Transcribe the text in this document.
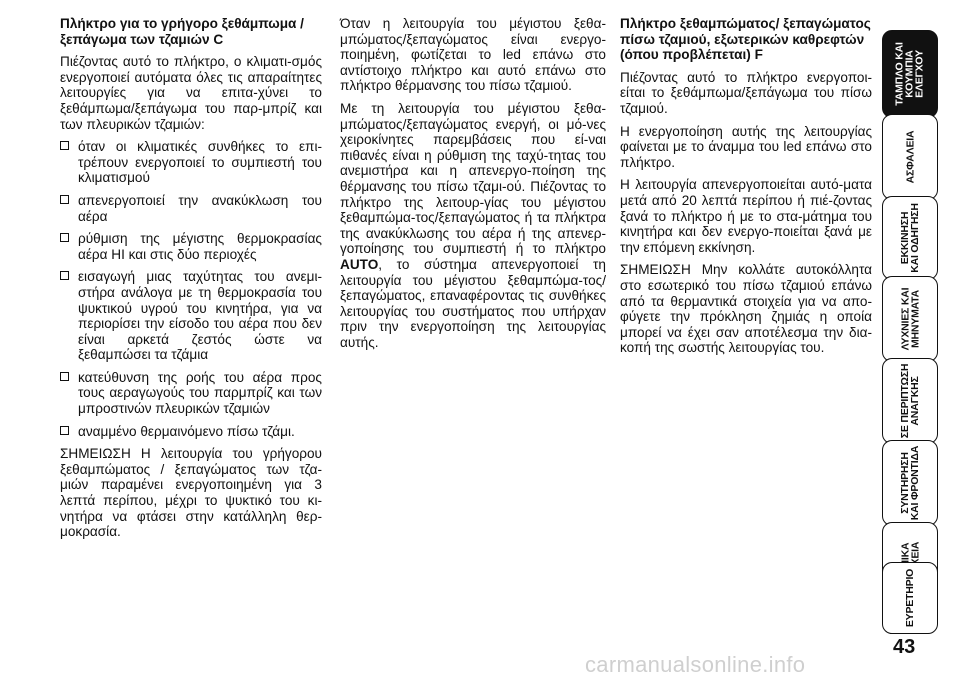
Πλήκτρο για το γρήγορο ξεθάμπωμα / ξεπάγωμα των τζαμιών C

Πιέζοντας αυτό το πλήκτρο, ο κλιματι-σμός ενεργοποιεί αυτόματα όλες τις απαραίτητες λειτουργίες για να επιτα-χύνει το ξεθάμπωμα/ξεπάγωμα του παρ-μπρίζ και των πλευρικών τζαμιών:

όταν οι κλιματικές συνθήκες το επι-τρέπουν ενεργοποιεί το συμπιεστή του κλιματισμού

απενεργοποιεί την ανακύκλωση του αέρα

ρύθμιση της μέγιστης θερμοκρασίας αέρα HI και στις δύο περιοχές

εισαγωγή μιας ταχύτητας του ανεμι-στήρα ανάλογα με τη θερμοκρασία του ψυκτικού υγρού του κινητήρα, για να περιορίσει την είσοδο του αέρα που δεν είναι αρκετά ζεστός ώστε να ξεθαμπώσει τα τζάμια

κατεύθυνση της ροής του αέρα προς τους αεραγωγούς του παρμπρίζ και των μπροστινών πλευρικών τζαμιών

αναμμένο θερμαινόμενο πίσω τζάμι.

ΣΗΜΕΙΩΣΗ Η λειτουργία του γρήγορου ξεθαμπώματος / ξεπαγώματος των τζα-μιών παραμένει ενεργοποιημένη για 3 λεπτά περίπου, μέχρι το ψυκτικό του κι-νητήρα να φτάσει στην κατάλληλη θερ-μοκρασία.

Όταν η λειτουργία του μέγιστου ξεθα-μπώματος/ξεπαγώματος είναι ενεργο-ποιημένη, φωτίζεται το led επάνω στο αντίστοιχο πλήκτρο και αυτό επάνω στο πλήκτρο θέρμανσης του πίσω τζαμιού.

Με τη λειτουργία του μέγιστου ξεθα-μπώματος/ξεπαγώματος ενεργή, οι μό-νες χειροκίνητες παρεμβάσεις που εί-ναι πιθανές είναι η ρύθμιση της ταχύ-τητας του ανεμιστήρα και η απενεργο-ποίηση της θέρμανσης του πίσω τζαμι-ού. Πιέζοντας το πλήκτρο της λειτουρ-γίας του μέγιστου ξεθαμπώμα-τος/ξεπαγώματος ή τα πλήκτρα της ανακύκλωσης του αέρα ή της απενερ-γοποίησης του συμπιεστή ή το πλήκτρο AUTO, το σύστημα απενεργοποιεί τη λειτουργία του μέγιστου ξεθαμπώμα-τος/ξεπαγώματος, επαναφέροντας τις συνθήκες λειτουργίας του συστήματος που υπήρχαν πριν την ενεργοποίηση της λειτουργίας αυτής.

Πλήκτρο ξεθαμπώματος/ ξεπαγώματος πίσω τζαμιού, εξωτερικών καθρεφτών (όπου προβλέπεται) F

Πιέζοντας αυτό το πλήκτρο ενεργοποι-είται το ξεθάμπωμα/ξεπάγωμα του πίσω τζαμιού.

Η ενεργοποίηση αυτής της λειτουργίας φαίνεται με το άναμμα του led επάνω στο πλήκτρο.

Η λειτουργία απενεργοποιείται αυτό-ματα μετά από 20 λεπτά περίπου ή πιέ-ζοντας ξανά το πλήκτρο ή με το στα-μάτημα του κινητήρα και δεν ενεργο-ποιείται ξανά με την επόμενη εκκίνηση.

ΣΗΜΕΙΩΣΗ Μην κολλάτε αυτοκόλλητα στο εσωτερικό του πίσω τζαμιού επάνω από τα θερμαντικά στοιχεία για να απο-φύγετε την πρόκληση ζημιάς η οποία μπορεί να έχει σαν αποτέλεσμα την δια-κοπή της σωστής λειτουργίας του.

ΤΑΜΠΛΟ ΚΑΙ
ΚΟΥΜΠΙΑ
ΕΛΕΓΧΟΥ
ΑΣΦΑΛΕΙΑ
ΕΚΚΙΝΗΣΗ
ΚΑΙ ΟΔΗΓΗΣΗ
ΛΥΧΝΙΕΣ ΚΑΙ
ΜΗΝΥΜΑΤΑ
ΣΕ ΠΕΡΙΠΤΩΣΗ
ΑΝΑΓΚΗΣ
ΣΥΝΤΗΡΗΣΗ
ΚΑΙ ΦΡΟΝΤΙΔΑ
ΕΥΡΕΤΗΡΙΟ
43
carmanualsonline.info
